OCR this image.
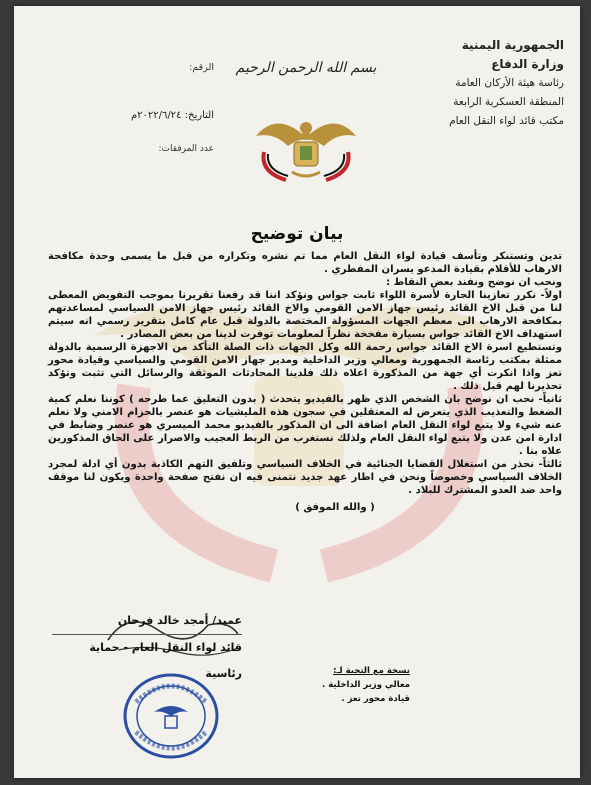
الجمهورية اليمنية
وزارة الدفاع
رئاسة هيئة الأركان العامة
المنطقة العسكرية الرابعة
مكتب قائد لواء النقل العام
بسم الله الرحمن الرحيم
الرقم:
التاريخ: ٢٠٢٢/٦/٢٤م
عدد المرفقات:
بيان توضيح

تدين وتستنكر وتأسف قيادة لواء النقل العام مما تم نشره وتكراره من قبل ما يسمى وحدة مكافحة الارهاب للأقلام بقيادة المدعو يسران المفطري .

ونحب ان نوضح ونفند بعض النقاط :

اولاً- نكرر تعازينا الحارة لأسرة اللواء ثابت جواس ونؤكد اننا قد رفعنا تقريرنا بموجب التفويض المعطى لنا من قبل الاخ القائد رئيس جهاز الامن القومي والاخ القائد رئيس جهاز الامن السياسي لمساعدتهم بمكافحة الارهاب الى معظم الجهات المسؤولة المختصة بالدولة قبل عام كامل بتقرير رسمي انه سيتم استهداف الاخ القائد جواس بسيارة مفخخة نظراً لمعلومات توفرت لدينا من بعض المصادر .

وتستطيع اسرة الاخ القائد جواس رحمة الله وكل الجهات ذات الصلة التأكد من الاجهزة الرسمية بالدولة ممثلة بمكتب رئاسة الجمهورية ومعالي وزير الداخلية ومدير جهاز الامن القومي والسياسي وقيادة محور تعز واذا انكرت أي جهة من المذكورة اعلاه ذلك فلدينا المحادثات الموثقة والرسائل التي تثبت وتؤكد تحذيرنا لهم قبل ذلك .

ثانياً- نحب ان نوضح بان الشخص الذي ظهر بالفيديو يتحدث ( بدون التعليق عما طرحه ) كوننا نعلم كمية الضغط والتعذيب الذي يتعرض له المعتقلين في سجون هذه المليشيات هو عنصر بالحزام الامني ولا نعلم عنه شيء ولا يتبع لواء النقل العام اضافة الى ان المذكور بالفيديو محمد الميسري هو عنصر وضابط في ادارة امن عدن ولا يتبع لواء النقل العام ولذلك نستغرب من الربط العجيب والاصرار على الحاق المذكورين علاه بنا .

ثالثاً- نحذر من استغلال القضايا الجنائية في الخلاف السياسي وتلفيق التهم الكاذبة بدون أي ادلة لمجرد الخلاف السياسي وخصوصاً ونحن في اطار عهد جديد نتمنى فيه ان نفتح صفحة واحدة ويكون لنا موقف واحد ضد العدو المشترك للبلاد .

( والله الموفق )

عميد/ أمجد خالد فرحان
قائد لواء النقل العام - حماية رئاسية	نسخة مع التحية لـ:
معالي وزير الداخلية .
قيادة محور تعز .
